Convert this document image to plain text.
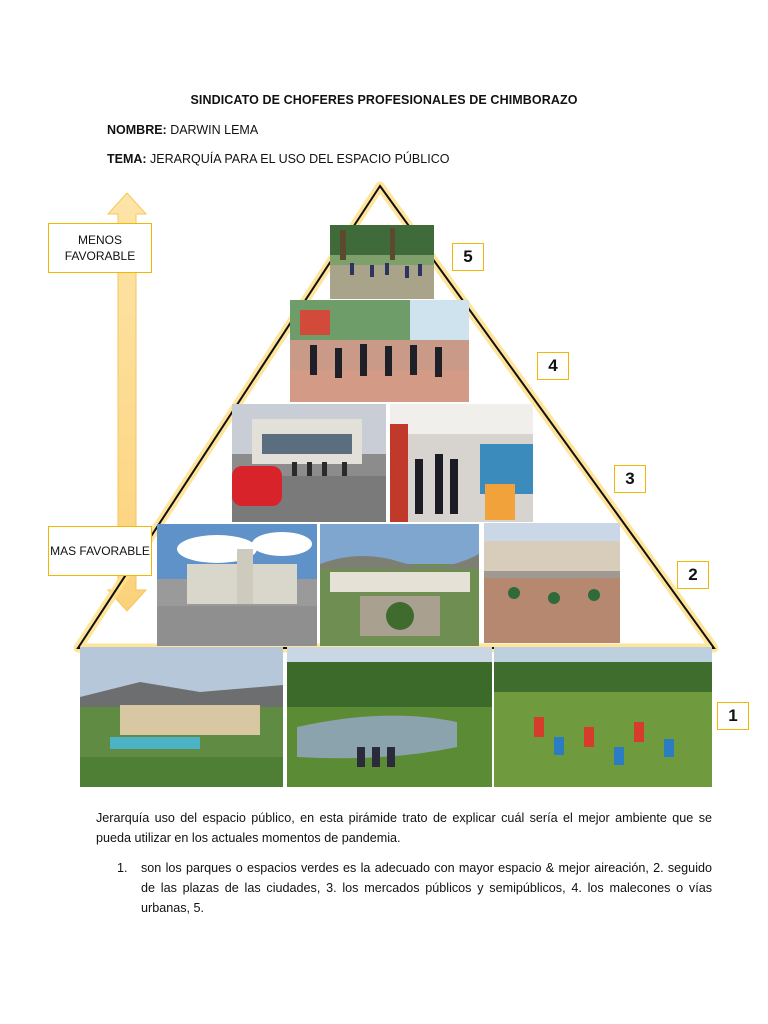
SINDICATO DE CHOFERES PROFESIONALES DE CHIMBORAZO
NOMBRE: DARWIN LEMA
TEMA: JERARQUÍA PARA EL USO DEL ESPACIO PÚBLICO
5
4
3
2
1
MENOS FAVORABLE
MAS FAVORABLE
Jerarquía uso del espacio público, en esta pirámide trato de explicar cuál sería el mejor ambiente que se pueda utilizar en los actuales momentos de pandemia.
1. son los parques o espacios verdes es la adecuado con mayor espacio & mejor aireación, 2. seguido de las plazas de las ciudades, 3. los mercados públicos y semipúblicos, 4. los malecones o vías urbanas, 5.
